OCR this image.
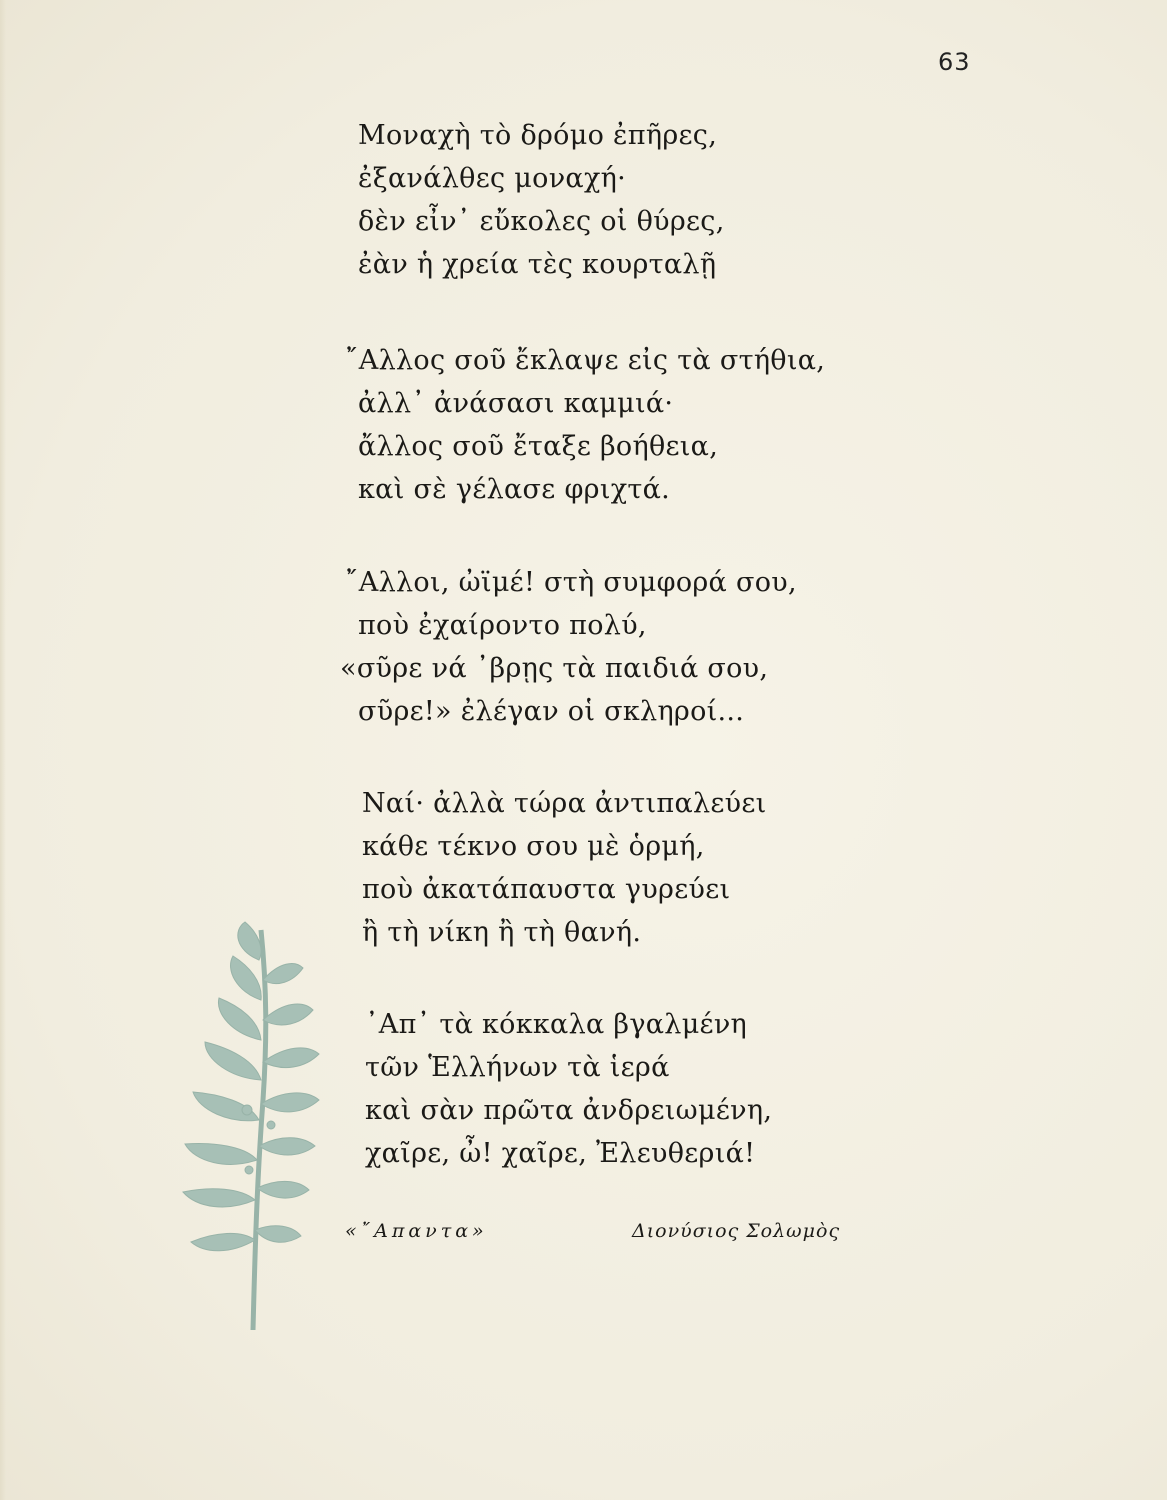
63
Μοναχὴ τὸ δρόμο ἐπῆρες,
ἐξανάλθες μοναχή·
δὲν εἶν᾽ εὔκολες οἱ θύρες,
ἐὰν ἡ χρεία τὲς κουρταλῇ
῎Αλλος σοῦ ἔκλαψε εἰς τὰ στήθια,
ἀλλ᾽ ἀνάσασι καμμιά·
ἄλλος σοῦ ἔταξε βοήθεια,
καὶ σὲ γέλασε φριχτά.
῎Αλλοι, ὠϊμέ! στὴ συμφορά σου,
ποὺ ἐχαίροντο πολύ,
«σῦρε νά ᾿βρῃς τὰ παιδιά σου,
σῦρε!» ἐλέγαν οἱ σκληροί...
Ναί· ἀλλὰ τώρα ἀντιπαλεύει
κάθε τέκνο σου μὲ ὁρμή,
ποὺ ἀκατάπαυστα γυρεύει
ἢ τὴ νίκη ἢ τὴ θανή.
᾿Απ᾽ τὰ κόκκαλα βγαλμένη
τῶν Ἑλλήνων τὰ ἱερά
καὶ σὰν πρῶτα ἀνδρειωμένη,
χαῖρε, ὦ! χαῖρε, Ἐλευθεριά!
«῎Απαντα»	Διονύσιος Σολωμὸς
